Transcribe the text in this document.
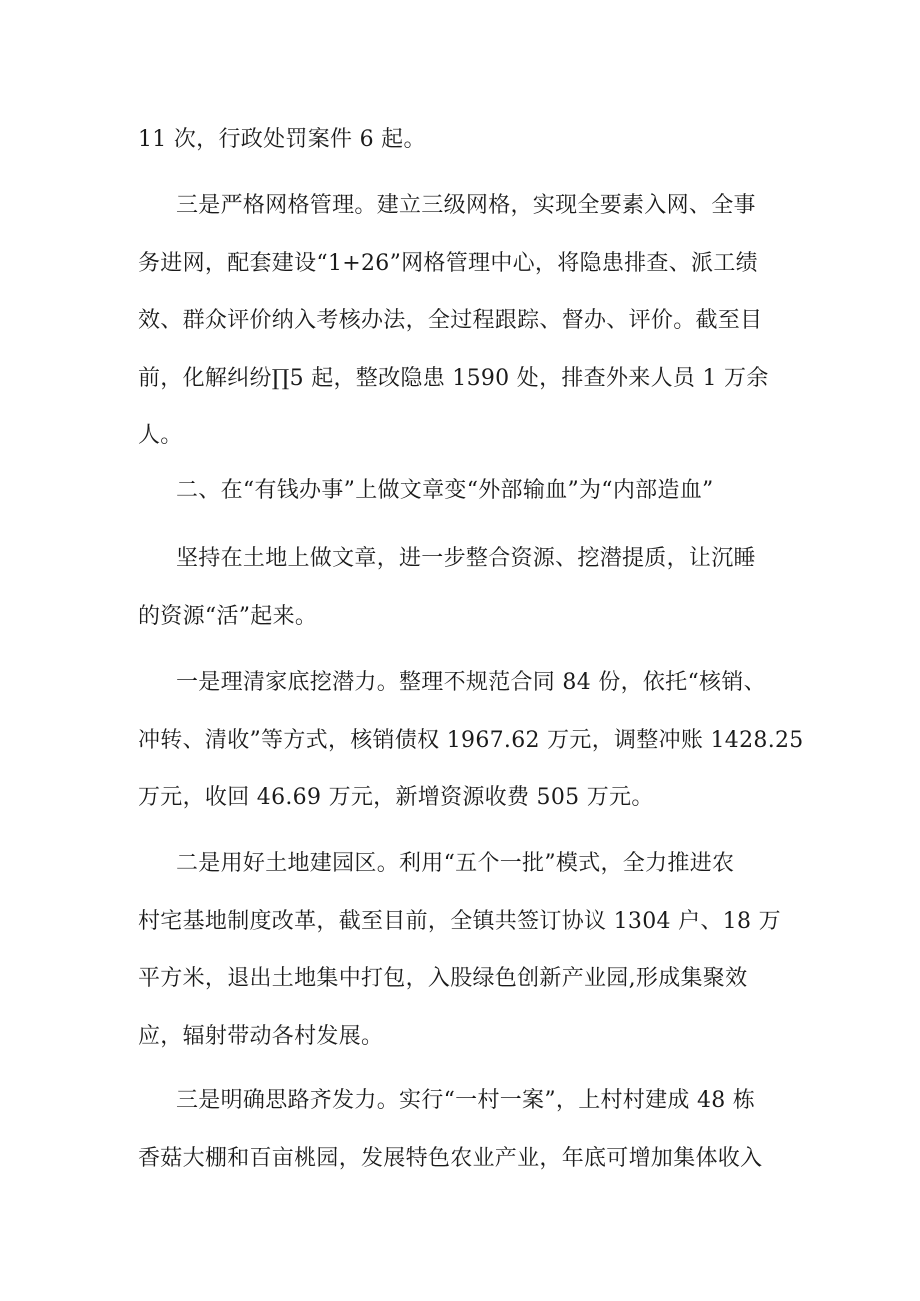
11 次，行政处罚案件 6 起。
三是严格网格管理。建立三级网格，实现全要素入网、全事
务进网，配套建设“1+26”网格管理中心，将隐患排查、派工绩
效、群众评价纳入考核办法，全过程跟踪、督办、评价。截至目
前，化解纠纷∏5 起，整改隐患 1590 处，排查外来人员 1 万余
人。
二、在“有钱办事”上做文章变“外部输血”为“内部造血”
坚持在土地上做文章，进一步整合资源、挖潜提质，让沉睡
的资源“活”起来。
一是理清家底挖潜力。整理不规范合同 84 份，依托“核销、
冲转、清收”等方式，核销债权 1967.62 万元，调整冲账 1428.25
万元，收回 46.69 万元，新增资源收费 505 万元。
二是用好土地建园区。利用“五个一批”模式，全力推进农
村宅基地制度改革，截至目前，全镇共签订协议 1304 户、18 万
平方米，退出土地集中打包，入股绿色创新产业园,形成集聚效
应，辐射带动各村发展。
三是明确思路齐发力。实行“一村一案”，上村村建成 48 栋
香菇大棚和百亩桃园，发展特色农业产业，年底可增加集体收入
